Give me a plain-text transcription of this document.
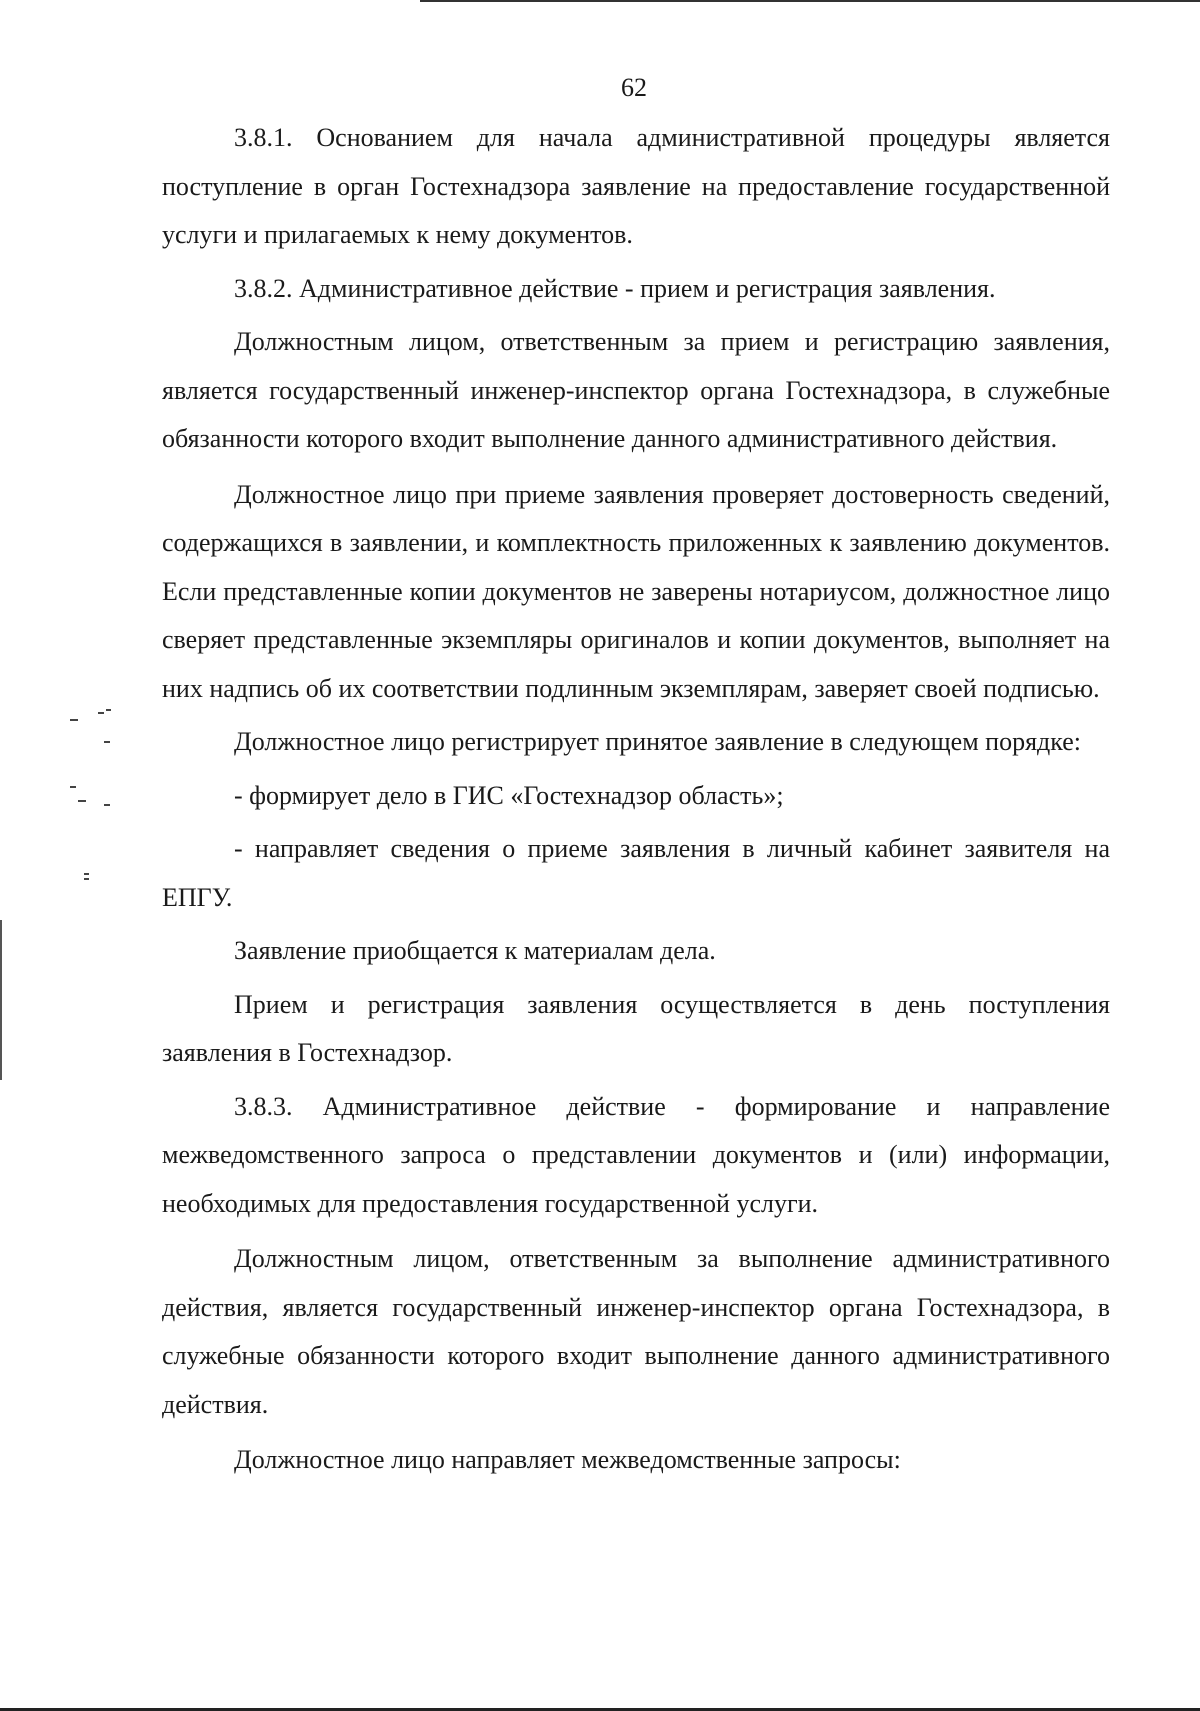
62

3.8.1. Основанием для начала административной процедуры является поступление в орган Гостехнадзора заявление на предоставление государственной услуги и прилагаемых к нему документов.

3.8.2. Административное действие - прием и регистрация заявления.

Должностным лицом, ответственным за прием и регистрацию заявления, является государственный инженер-инспектор органа Гостехнадзора, в служебные обязанности которого входит выполнение данного административного действия.

Должностное лицо при приеме заявления проверяет достоверность сведений, содержащихся в заявлении, и комплектность приложенных к заявлению документов. Если представленные копии документов не заверены нотариусом, должностное лицо сверяет представленные экземпляры оригиналов и копии документов, выполняет на них надпись об их соответствии подлинным экземплярам, заверяет своей подписью.

Должностное лицо регистрирует принятое заявление в следующем порядке:

- формирует дело в ГИС «Гостехнадзор область»;

- направляет сведения о приеме заявления в личный кабинет заявителя на ЕПГУ.

Заявление приобщается к материалам дела.

Прием и регистрация заявления осуществляется в день поступления заявления в Гостехнадзор.

3.8.3. Административное действие - формирование и направление межведомственного запроса о представлении документов и (или) информации, необходимых для предоставления государственной услуги.

Должностным лицом, ответственным за выполнение административного действия, является государственный инженер-инспектор органа Гостехнадзора, в служебные обязанности которого входит выполнение данного административного действия.

Должностное лицо направляет межведомственные запросы:
